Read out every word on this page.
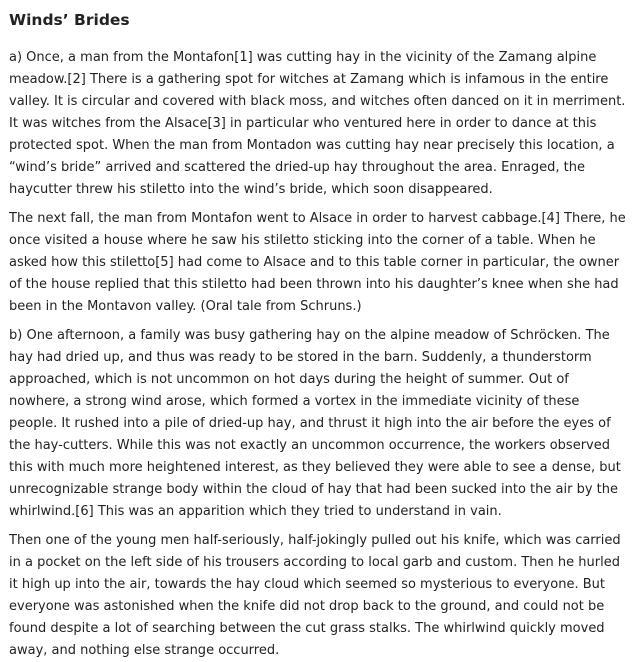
Winds’ Brides

a) Once, a man from the Montafon[1] was cutting hay in the vicinity of the Zamang alpine meadow.[2] There is a gathering spot for witches at Zamang which is infamous in the entire valley. It is circular and covered with black moss, and witches often danced on it in merriment. It was witches from the Alsace[3] in particular who ventured here in order to dance at this protected spot. When the man from Montadon was cutting hay near precisely this location, a “wind’s bride” arrived and scattered the dried-up hay throughout the area. Enraged, the haycutter threw his stiletto into the wind’s bride, which soon disappeared.

The next fall, the man from Montafon went to Alsace in order to harvest cabbage.[4] There, he once visited a house where he saw his stiletto sticking into the corner of a table. When he asked how this stiletto[5] had come to Alsace and to this table corner in particular, the owner of the house replied that this stiletto had been thrown into his daughter’s knee when she had been in the Montavon valley. (Oral tale from Schruns.)

b) One afternoon, a family was busy gathering hay on the alpine meadow of Schröcken. The hay had dried up, and thus was ready to be stored in the barn. Suddenly, a thunderstorm approached, which is not uncommon on hot days during the height of summer. Out of nowhere, a strong wind arose, which formed a vortex in the immediate vicinity of these people. It rushed into a pile of dried-up hay, and thrust it high into the air before the eyes of the hay-cutters. While this was not exactly an uncommon occurrence, the workers observed this with much more heightened interest, as they believed they were able to see a dense, but unrecognizable strange body within the cloud of hay that had been sucked into the air by the whirlwind.[6] This was an apparition which they tried to understand in vain.

Then one of the young men half-seriously, half-jokingly pulled out his knife, which was carried in a pocket on the left side of his trousers according to local garb and custom. Then he hurled it high up into the air, towards the hay cloud which seemed so mysterious to everyone. But everyone was astonished when the knife did not drop back to the ground, and could not be found despite a lot of searching between the cut grass stalks. The whirlwind quickly moved away, and nothing else strange occurred.
